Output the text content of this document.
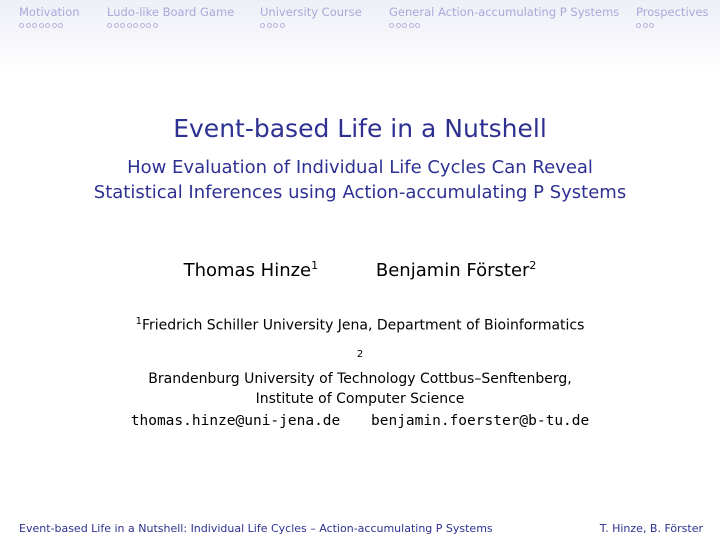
Motivation Ludo-like Board Game University Course General Action-accumulating P Systems Prospectives
Event-based Life in a Nutshell
How Evaluation of Individual Life Cycles Can Reveal
Statistical Inferences using Action-accumulating P Systems
Thomas Hinze$^1$	Benjamin Förster$^2$
$^1$Friedrich Schiller University Jena, Department of Bioinformatics
$^2$
Brandenburg University of Technology Cottbus–Senftenberg,
Institute of Computer Science
thomas.hinze@uni-jena.de benjamin.foerster@b-tu.de
Event-based Life in a Nutshell: Individual Life Cycles – Action-accumulating P Systems	T. Hinze, B. Förster
